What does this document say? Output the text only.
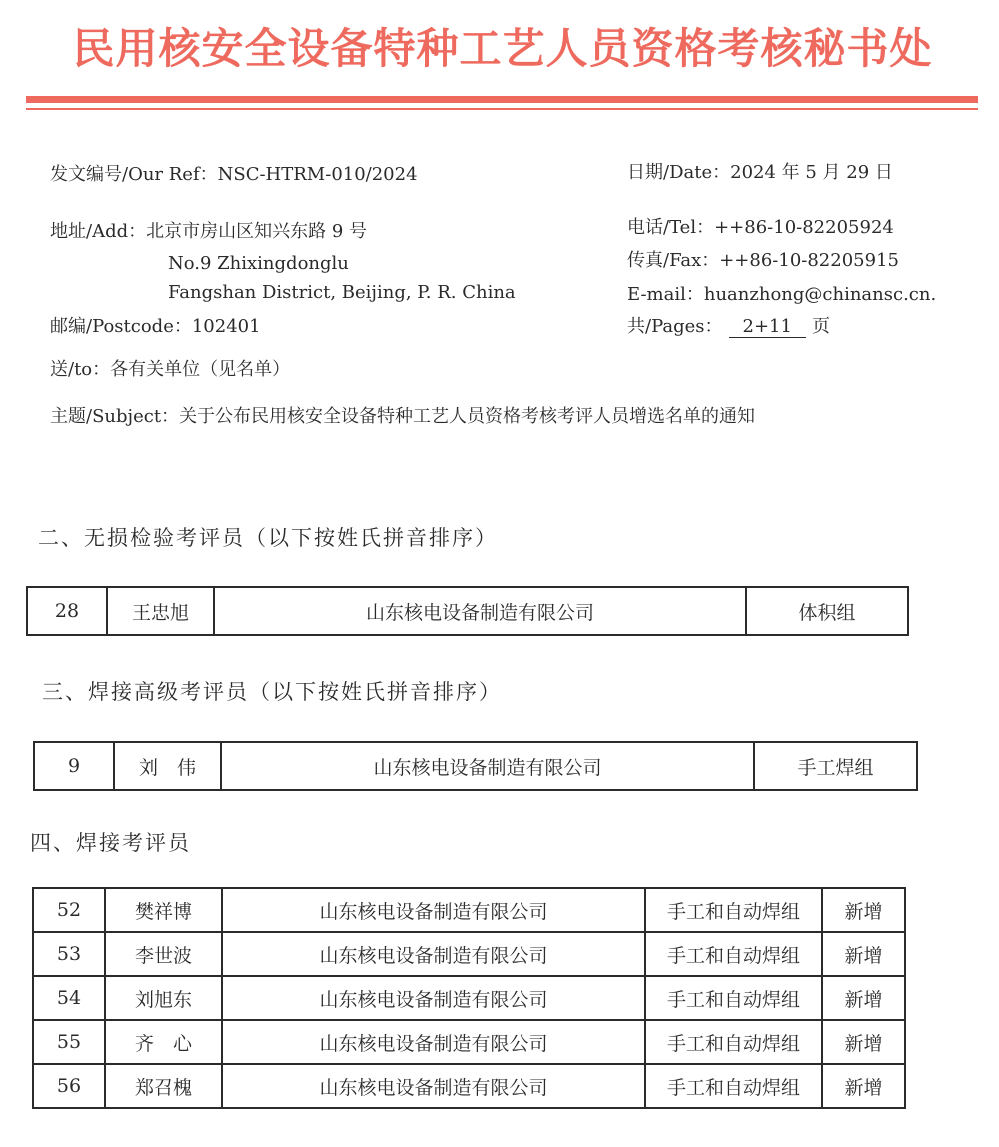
民用核安全设备特种工艺人员资格考核秘书处
发文编号/Our Ref：NSC-HTRM-010/2024
地址/Add：北京市房山区知兴东路 9 号
No.9 Zhixingdonglu
Fangshan District, Beijing, P. R. China
邮编/Postcode：102401
送/to：各有关单位（见名单）
主题/Subject：关于公布民用核安全设备特种工艺人员资格考核考评人员增选名单的通知
日期/Date：2024 年 5 月 29 日
电话/Tel：++86-10-82205924
传真/Fax：++86-10-82205915
E-mail：huanzhong@chinansc.cn.
共/Pages： 2+11 页
二、无损检验考评员（以下按姓氏拼音排序）
28	王忠旭	山东核电设备制造有限公司	体积组
三、焊接高级考评员（以下按姓氏拼音排序）
9	刘　伟	山东核电设备制造有限公司	手工焊组
四、焊接考评员
52	樊祥博	山东核电设备制造有限公司	手工和自动焊组	新增
53	李世波	山东核电设备制造有限公司	手工和自动焊组	新增
54	刘旭东	山东核电设备制造有限公司	手工和自动焊组	新增
55	齐　心	山东核电设备制造有限公司	手工和自动焊组	新增
56	郑召槐	山东核电设备制造有限公司	手工和自动焊组	新增
